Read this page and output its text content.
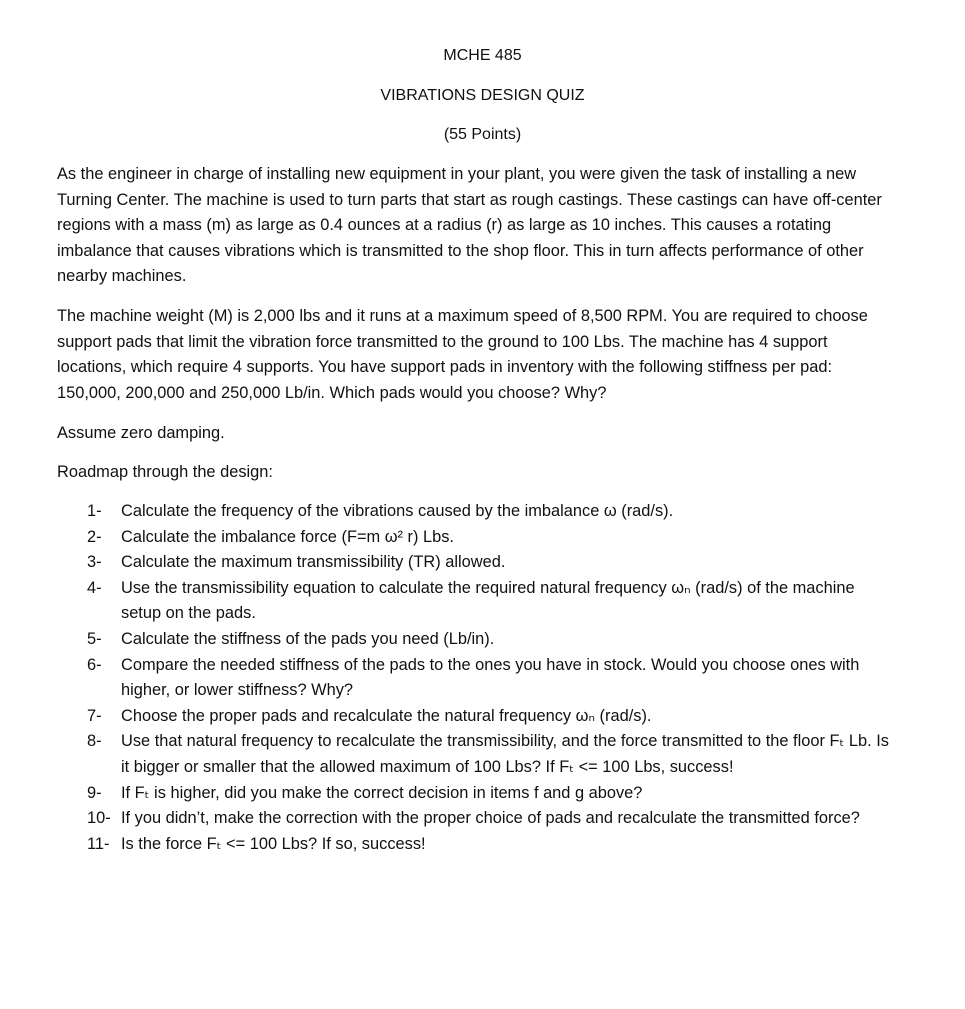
MCHE 485

VIBRATIONS DESIGN QUIZ

(55 Points)

As the engineer in charge of installing new equipment in your plant, you were given the task of installing a new Turning Center. The machine is used to turn parts that start as rough castings. These castings can have off-center regions with a mass (m) as large as 0.4 ounces at a radius (r) as large as 10 inches. This causes a rotating imbalance that causes vibrations which is transmitted to the shop floor. This in turn affects performance of other nearby machines.

The machine weight (M) is 2,000 lbs and it runs at a maximum speed of 8,500 RPM. You are required to choose support pads that limit the vibration force transmitted to the ground to 100 Lbs. The machine has 4 support locations, which require 4 supports. You have support pads in inventory with the following stiffness per pad: 150,000, 200,000 and 250,000 Lb/in. Which pads would you choose? Why?

Assume zero damping.

Roadmap through the design:

1- Calculate the frequency of the vibrations caused by the imbalance ω (rad/s).
2- Calculate the imbalance force (F=m ω² r) Lbs.
3- Calculate the maximum transmissibility (TR) allowed.
4- Use the transmissibility equation to calculate the required natural frequency ωₙ (rad/s) of the machine setup on the pads.
5- Calculate the stiffness of the pads you need (Lb/in).
6- Compare the needed stiffness of the pads to the ones you have in stock. Would you choose ones with higher, or lower stiffness? Why?
7- Choose the proper pads and recalculate the natural frequency ωₙ (rad/s).
8- Use that natural frequency to recalculate the transmissibility, and the force transmitted to the floor Fₜ Lb. Is it bigger or smaller that the allowed maximum of 100 Lbs? If Fₜ <= 100 Lbs, success!
9- If Fₜ is higher, did you make the correct decision in items f and g above?
10- If you didn’t, make the correction with the proper choice of pads and recalculate the transmitted force?
11- Is the force Fₜ <= 100 Lbs? If so, success!
